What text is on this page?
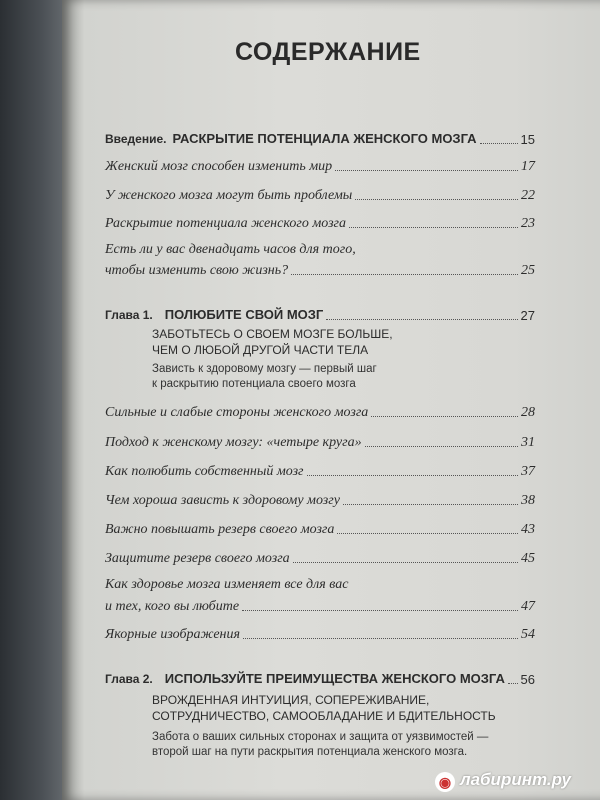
СОДЕРЖАНИЕ
Введение. РАСКРЫТИЕ ПОТЕНЦИАЛА ЖЕНСКОГО МОЗГА	15
Женский мозг способен изменить мир	17
У женского мозга могут быть проблемы	22
Раскрытие потенциала женского мозга	23
Есть ли у вас двенадцать часов для того,
чтобы изменить свою жизнь?	25
Глава 1. ПОЛЮБИТЕ СВОЙ МОЗГ	27
ЗАБОТЬТЕСЬ О СВОЕМ МОЗГЕ БОЛЬШЕ,
ЧЕМ О ЛЮБОЙ ДРУГОЙ ЧАСТИ ТЕЛА
Зависть к здоровому мозгу — первый шаг
к раскрытию потенциала своего мозга
Сильные и слабые стороны женского мозга	28
Подход к женскому мозгу: «четыре круга»	31
Как полюбить собственный мозг	37
Чем хороша зависть к здоровому мозгу	38
Важно повышать резерв своего мозга	43
Защитите резерв своего мозга	45
Как здоровье мозга изменяет все для вас
и тех, кого вы любите	47
Якорные изображения	54
Глава 2. ИСПОЛЬЗУЙТЕ ПРЕИМУЩЕСТВА ЖЕНСКОГО МОЗГА 56
ВРОЖДЕННАЯ ИНТУИЦИЯ, СОПЕРЕЖИВАНИЕ,
СОТРУДНИЧЕСТВО, САМООБЛАДАНИЕ И БДИТЕЛЬНОСТЬ
Забота о ваших сильных сторонах и защита от уязвимостей —
второй шаг на пути раскрытия потенциала женского мозга.
◉ лабиринт.ру
